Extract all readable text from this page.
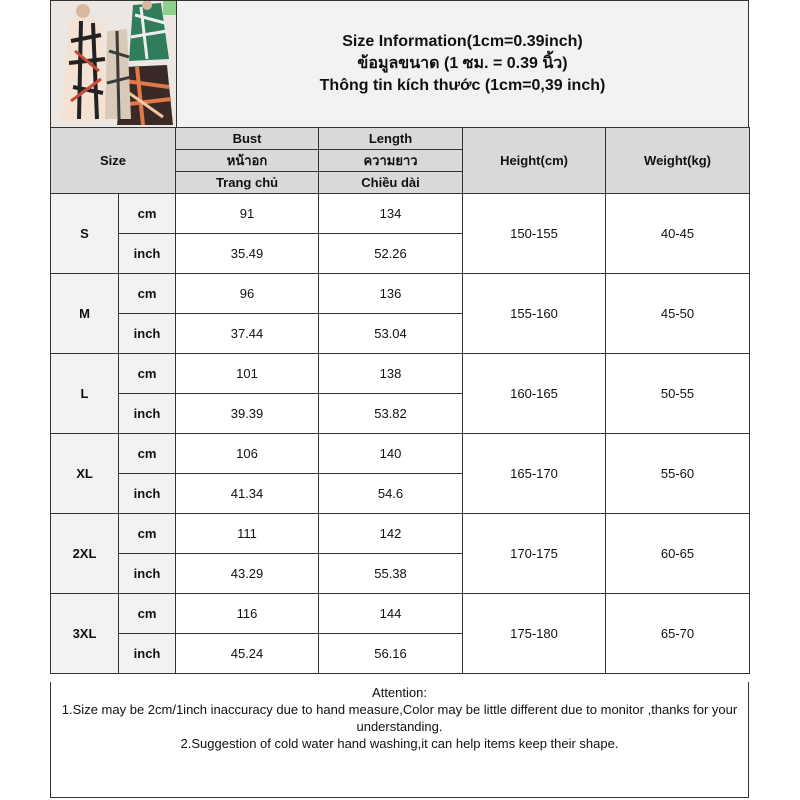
Size Information(1cm=0.39inch)
ข้อมูลขนาด (1 ซม. = 0.39 นิ้ว)
Thông tin kích thước (1cm=0,39 inch)
Size		Bust	Length	Height(cm)	Weight(kg)
		หน้าอก	ความยาว		
		Trang chủ	Chiều dài		
S	cm	91	134	150-155	40-45
	inch	35.49	52.26		
M	cm	96	136	155-160	45-50
	inch	37.44	53.04		
L	cm	101	138	160-165	50-55
	inch	39.39	53.82		
XL	cm	106	140	165-170	55-60
	inch	41.34	54.6		
2XL	cm	111	142	170-175	60-65
	inch	43.29	55.38		
3XL	cm	116	144	175-180	65-70
	inch	45.24	56.16		
Attention:
1.Size may be 2cm/1inch inaccuracy due to hand measure,Color may be little different due to monitor ,thanks for your understanding.
2.Suggestion of cold water hand washing,it can help items keep their shape.
